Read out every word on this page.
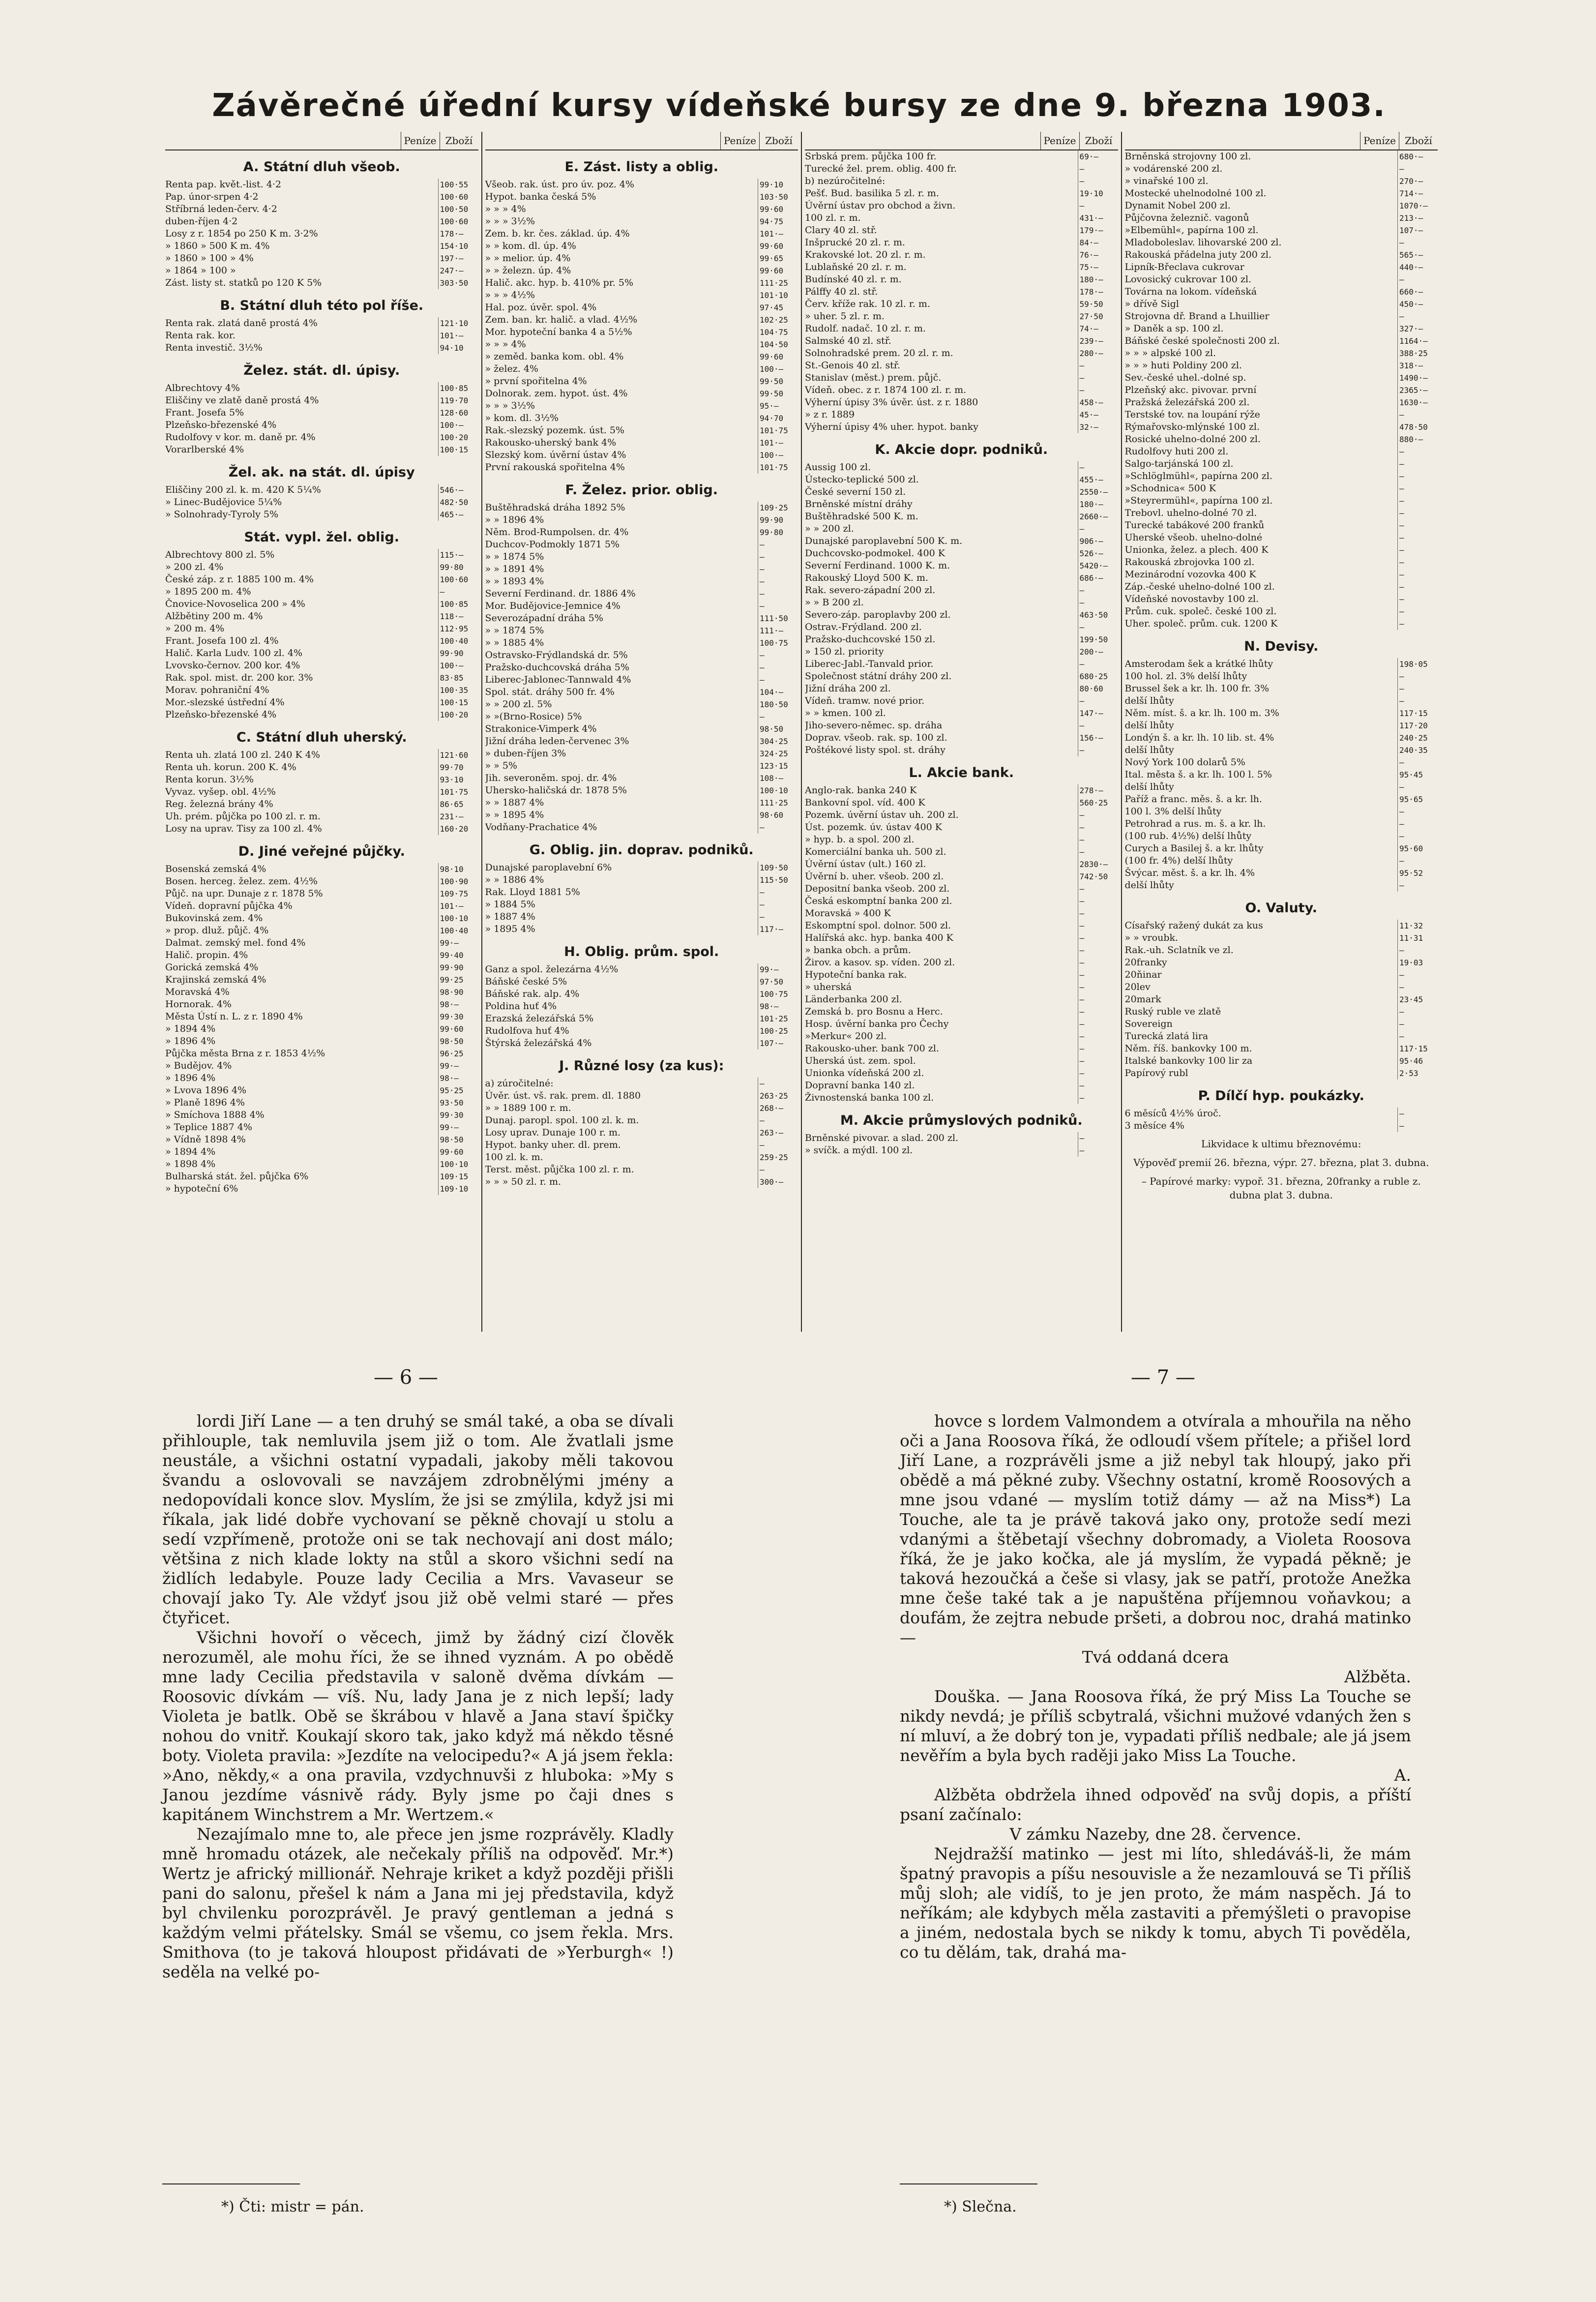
Závěrečné úřední kursy vídeňské bursy ze dne 9. března 1903.
Peníze Zboží
A. Státní dluh všeob.
Renta pap. květ.-list. 4·2	100·55
Pap. únor-srpen 4·2	100·60
Stříbrná leden-červ. 4·2	100·50
duben-říjen 4·2	100·60
Losy z r. 1854 po 250 K m. 3·2%	178·—
» 1860 » 500 K m. 4%	154·10
» 1860 » 100 » 4%	197·—
» 1864 » 100 »	247·—
Zást. listy st. statků po 120 K 5%	303·50
B. Státní dluh této pol říše.
Renta rak. zlatá daně prostá 4%	121·10
Renta rak. kor.	101·—
Renta investič. 3½%	94·10
Želez. stát. dl. úpisy.
Albrechtovy 4%	100·85
Eliščiny ve zlatě daně prostá 4%	119·70
Frant. Josefa 5%	128·60
Plzeňsko-březenské 4%	100·—
Rudolfovy v kor. m. daně pr. 4%	100·20
Vorarlberské 4%	100·15
Žel. ak. na stát. dl. úpisy
Eliščiny 200 zl. k. m. 420 K 5¼%	546·—
» Linec-Budějovice 5¼%	482·50
» Solnohrady-Tyroly 5%	465·—
Stát. vypl. žel. oblig.
Albrechtovy 800 zl. 5%	115·—
» 200 zl. 4%	99·80
České záp. z r. 1885 100 m. 4%	100·60
» 1895 200 m. 4%	—
Čnovice-Novoselica 200 » 4%	100·85
Alžbětiny 200 m. 4%	118·—
» 200 m. 4%	112·95
Frant. Josefa 100 zl. 4%	100·40
Halič. Karla Ludv. 100 zl. 4%	99·90
Lvovsko-černov. 200 kor. 4%	100·—
Rak. spol. mist. dr. 200 kor. 3%	83·85
Morav. pohraniční 4%	100·35
Mor.-slezské ústřední 4%	100·15
Plzeňsko-březenské 4%	100·20
C. Státní dluh uherský.
Renta uh. zlatá 100 zl. 240 K 4%	121·60
Renta uh. korun. 200 K. 4%	99·70
Renta korun. 3½%	93·10
Vyvaz. vyšep. obl. 4½%	101·75
Reg. železná brány 4%	86·65
Uh. prém. půjčka po 100 zl. r. m.	231·—
Losy na uprav. Tisy za 100 zl. 4%	160·20
D. Jiné veřejné půjčky.
Bosenská zemská 4%	98·10
Bosen. herceg. želez. zem. 4½%	100·90
Půjč. na upr. Dunaje z r. 1878 5%	109·75
Vídeň. dopravní půjčka 4%	101·—
Bukovinská zem. 4%	100·10
» prop. dluž. půjč. 4%	100·40
Dalmat. zemský mel. fond 4%	99·—
Halič. propin. 4%	99·40
Gorická zemská 4%	99·90
Krajinská zemská 4%	99·25
Moravská 4%	98·90
Hornorak. 4%	98·—
Města Ústí n. L. z r. 1890 4%	99·30
» 1894 4%	99·60
» 1896 4%	98·50
Půjčka města Brna z r. 1853 4½%	96·25
» Budějov. 4%	99·—
» 1896 4%	98·—
» Lvova 1896 4%	95·25
» Planě 1896 4%	93·50
» Smíchova 1888 4%	99·30
» Teplice 1887 4%	99·—
» Vídně 1898 4%	98·50
» 1894 4%	99·60
» 1898 4%	100·10
Bulharská stát. žel. půjčka 6%	109·15
» hypoteční 6%	109·10
Peníze Zboží
E. Zást. listy a oblig.
Všeob. rak. úst. pro úv. poz. 4%	99·10
Hypot. banka česká 5%	103·50
» » » 4%	99·60
» » » 3½%	94·75
Zem. b. kr. čes. základ. úp. 4%	101·—
» » kom. dl. úp. 4%	99·60
» » melior. úp. 4%	99·65
» » železn. úp. 4%	99·60
Halič. akc. hyp. b. 410% pr. 5%	111·25
» » » 4½%	101·10
Hal. poz. úvěr. spol. 4%	97·45
Zem. ban. kr. halič. a vlad. 4½%	102·25
Mor. hypoteční banka 4 a 5½%	104·75
» » » 4%	104·50
» zeměd. banka kom. obl. 4%	99·60
» želez. 4%	100·—
» první spořitelna 4%	99·50
Dolnorak. zem. hypot. úst. 4%	99·50
» » » 3½%	95·—
» kom. dl. 3½%	94·70
Rak.-slezský pozemk. úst. 5%	101·75
Rakousko-uherský bank 4%	101·—
Slezský kom. úvěrní ústav 4%	100·—
První rakouská spořitelna 4%	101·75
F. Želez. prior. oblig.
Buštěhradská dráha 1892 5%	109·25
» » 1896 4%	99·90
Něm. Brod-Rumpolsen. dr. 4%	99·80
Duchcov-Podmokly 1871 5%	—
» » 1874 5%	—
» » 1891 4%	—
» » 1893 4%	—
Severní Ferdinand. dr. 1886 4%	—
Mor. Budějovice-Jemnice 4%	—
Severozápadní dráha 5%	111·50
» » 1874 5%	111·—
» » 1885 4%	100·75
Ostravsko-Frýdlandská dr. 5%	—
Pražsko-duchcovská dráha 5%	—
Liberec-Jablonec-Tannwald 4%	—
Spol. stát. dráhy 500 fr. 4%	104·—
» » 200 zl. 5%	180·50
» »(Brno-Rosice) 5%	—
Strakonice-Vimperk 4%	98·50
Jižní dráha leden-červenec 3%	304·25
» duben-říjen 3%	324·25
» » 5%	123·15
Jih. severoněm. spoj. dr. 4%	108·—
Uhersko-haličská dr. 1878 5%	100·10
» » 1887 4%	111·25
» » 1895 4%	98·60
Vodňany-Prachatice 4%	—
G. Oblig. jin. doprav. podniků.
Dunajské paroplavební 6%	109·50
» » 1886 4%	115·50
Rak. Lloyd 1881 5%	—
» 1884 5%	—
» 1887 4%	—
» 1895 4%	117·—
H. Oblig. prům. spol.
Ganz a spol. železárna 4½%	99·—
Báňské české 5%	97·50
Báňské rak. alp. 4%	100·75
Poldina huť 4%	98·—
Erazská železářská 5%	101·25
Rudolfova huť 4%	100·25
Štýrská železářská 4%	107·—
J. Různé losy (za kus):
a) zúročitelné:	—
Úvěr. úst. vš. rak. prem. dl. 1880	263·25
» » 1889 100 r. m.	268·—
Dunaj. paropl. spol. 100 zl. k. m.	—
Losy uprav. Dunaje 100 r. m.	263·—
Hypot. banky uher. dl. prem.	—
100 zl. k. m.	259·25
Terst. měst. půjčka 100 zl. r. m.	—
» » » 50 zl. r. m.	300·—
Peníze Zboží
Srbská prem. půjčka 100 fr.	69·—
Turecké žel. prem. oblig. 400 fr.	—
b) nezúročitelné:	—
Pešť. Bud. basilika 5 zl. r. m.	19·10
Úvěrní ústav pro obchod a živn.	—
100 zl. r. m.	431·—
Clary 40 zl. stř.	179·—
Inšprucké 20 zl. r. m.	84·—
Krakovské lot. 20 zl. r. m.	76·—
Lublaňské 20 zl. r. m.	75·—
Budínské 40 zl. r. m.	180·—
Pálffy 40 zl. stř.	178·—
Červ. kříže rak. 10 zl. r. m.	59·50
» uher. 5 zl. r. m.	27·50
Rudolf. nadač. 10 zl. r. m.	74·—
Salmské 40 zl. stř.	239·—
Solnohradské prem. 20 zl. r. m.	280·—
St.-Genois 40 zl. stř.	—
Stanislav (měst.) prem. půjč.	—
Vídeň. obec. z r. 1874 100 zl. r. m.	—
Výherní úpisy 3% úvěr. úst. z r. 1880	458·—
» z r. 1889	45·—
Výherní úpisy 4% uher. hypot. banky	32·—
K. Akcie dopr. podniků.
Aussig 100 zl.	—
Ústecko-teplické 500 zl.	455·—
České severní 150 zl.	2550·—
Brněnské místní dráhy	180·—
Buštěhradské 500 K. m.	2660·—
» » 200 zl.	—
Dunajské paroplavební 500 K. m.	906·—
Duchcovsko-podmokel. 400 K	526·—
Severní Ferdinand. 1000 K. m.	5420·—
Rakouský Lloyd 500 K. m.	686·—
Rak. severo-západní 200 zl.	—
» » B 200 zl.	—
Severo-záp. paroplavby 200 zl.	463·50
Ostrav.-Frýdland. 200 zl.	—
Pražsko-duchcovské 150 zl.	199·50
» 150 zl. priority	200·—
Liberec-Jabl.-Tanvald prior.	—
Společnost státní dráhy 200 zl.	680·25
Jižní dráha 200 zl.	80·60
Vídeň. tramw. nové prior.	—
» » kmen. 100 zl.	147·—
Jiho-severo-němec. sp. dráha	—
Doprav. všeob. rak. sp. 100 zl.	156·—
Poštékové listy spol. st. dráhy	—
L. Akcie bank.
Anglo-rak. banka 240 K	278·—
Bankovní spol. víd. 400 K	560·25
Pozemk. úvěrní ústav uh. 200 zl.	—
Úst. pozemk. úv. ústav 400 K	—
» hyp. b. a spol. 200 zl.	—
Komerciální banka uh. 500 zl.	—
Úvěrní ústav (ult.) 160 zl.	2830·—
Úvěrní b. uher. všeob. 200 zl.	742·50
Depositní banka všeob. 200 zl.	—
Česká eskomptní banka 200 zl.	—
Moravská » 400 K	—
Eskomptní spol. dolnor. 500 zl.	—
Halířská akc. hyp. banka 400 K	—
» banka obch. a prům.	—
Žirov. a kasov. sp. víden. 200 zl.	—
Hypoteční banka rak.	—
» uherská	—
Länderbanka 200 zl.	—
Zemská b. pro Bosnu a Herc.	—
Hosp. úvěrní banka pro Čechy	—
»Merkur« 200 zl.	—
Rakousko-uher. bank 700 zl.	—
Uherská úst. zem. spol.	—
Unionka vídeňská 200 zl.	—
Dopravní banka 140 zl.	—
Živnostenská banka 100 zl.	—
M. Akcie průmyslových podniků.
Brněnské pivovar. a slad. 200 zl.	—
» svíčk. a mýdl. 100 zl.	—
Peníze Zboží
Brněnská strojovny 100 zl.	680·—
» vodárenské 200 zl.	—
» vinařské 100 zl.	270·—
Mostecké uhelnodolné 100 zl.	714·—
Dynamit Nobel 200 zl.	1070·—
Půjčovna železnič. vagonů	213·—
»Elbemühl«, papírna 100 zl.	107·—
Mladoboleslav. lihovarské 200 zl.	—
Rakouská přádelna juty 200 zl.	565·—
Lipník-Břeclava cukrovar	440·—
Lovosický cukrovar 100 zl.	—
Továrna na lokom. vídeňská	660·—
» dřívě Sigl	450·—
Strojovna dř. Brand a Lhuillier	—
» Daněk a sp. 100 zl.	327·—
Báňské české společnosti 200 zl.	1164·—
» » » alpské 100 zl.	388·25
» » » huti Poldiny 200 zl.	318·—
Sev.-české uhel.-dolné sp.	1490·—
Plzeňský akc. pivovar. první	2365·—
Pražská železářská 200 zl.	1630·—
Terstské tov. na loupání rýže	—
Rýmařovsko-mlýnské 100 zl.	478·50
Rosické uhelno-dolné 200 zl.	880·—
Rudolfovy huti 200 zl.	—
Salgo-tarjánská 100 zl.	—
»Schlöglmühl«, papírna 200 zl.	—
»Schodnica« 500 K	—
»Steyrermühl«, papírna 100 zl.	—
Trebovl. uhelno-dolné 70 zl.	—
Turecké tabákové 200 franků	—
Uherské všeob. uhelno-dolné	—
Unionka, želez. a plech. 400 K	—
Rakouská zbrojovka 100 zl.	—
Mezinárodní vozovka 400 K	—
Záp.-české uhelno-dolné 100 zl.	—
Vídeňské novostavby 100 zl.	—
Prům. cuk. společ. české 100 zl.	—
Uher. společ. prům. cuk. 1200 K	—
N. Devisy.
Amsterodam šek a krátké lhůty	198·05
100 hol. zl. 3% delší lhůty	—
Brussel šek a kr. lh. 100 fr. 3%	—
delší lhůty	—
Něm. míst. š. a kr. lh. 100 m. 3%	117·15
delší lhůty	117·20
Londýn š. a kr. lh. 10 lib. st. 4%	240·25
delší lhůty	240·35
Nový York 100 dolarů 5%	—
Ital. města š. a kr. lh. 100 l. 5%	95·45
delší lhůty	—
Paříž a franc. měs. š. a kr. lh.	95·65
100 l. 3% delší lhůty	—
Petrohrad a rus. m. š. a kr. lh.	—
(100 rub. 4½%) delší lhůty	—
Curych a Basilej š. a kr. lhůty	95·60
(100 fr. 4%) delší lhůty	—
Švýcar. měst. š. a kr. lh. 4%	95·52
delší lhůty	—
O. Valuty.
Císařský ražený dukát za kus	11·32
» » vroubk.	11·31
Rak.-uh. Sclatník ve zl.	—
20franky	19·03
20ňinar	—
20lev	—
20mark	23·45
Ruský ruble ve zlatě	—
Sovereign	—
Turecká zlatá lira	—
Něm. říš. bankovky 100 m.	117·15
Italské bankovky 100 lir za	95·46
Papírový rubl	2·53
P. Dílčí hyp. poukázky.
6 měsíců 4½% úroč.	—
3 měsíce 4%	—
Likvidace k ultimu březnovému:
Výpověď premií 26. března, výpr. 27. března, plat 3. dubna.
– Papírové marky: vypoř. 31. března, 20franky a ruble z. dubna plat 3. dubna.
— 6 —	— 7 —

lordi Jiří Lane — a ten druhý se smál také, a oba se dívali přihlouple, tak nemluvila jsem již o tom. Ale žvatlali jsme neustále, a všichni ostatní vypadali, jakoby měli takovou švandu a oslovovali se navzájem zdrobnělými jmény a nedopovídali konce slov. Myslím, že jsi se zmýlila, když jsi mi říkala, jak lidé dobře vychovaní se pěkně chovají u stolu a sedí vzpřímeně, protože oni se tak nechovají ani dost málo; většina z nich klade lokty na stůl a skoro všichni sedí na židlích ledabyle. Pouze lady Cecilia a Mrs. Vavaseur se chovají jako Ty. Ale vždyť jsou již obě velmi staré — přes čtyřicet.

Všichni hovoří o věcech, jimž by žádný cizí člověk nerozuměl, ale mohu říci, že se ihned vyznám. A po obědě mne lady Cecilia představila v saloně dvěma dívkám — Roosovic dívkám — víš. Nu, lady Jana je z nich lepší; lady Violeta je batlk. Obě se škrábou v hlavě a Jana staví špičky nohou do vnitř. Koukají skoro tak, jako když má někdo těsné boty. Violeta pravila: »Jezdíte na velocipedu?« A já jsem řekla: »Ano, někdy,« a ona pravila, vzdychnuvši z hluboka: »My s Janou jezdíme vásnivě rády. Byly jsme po čaji dnes s kapitánem Winchstrem a Mr. Wertzem.«

Nezajímalo mne to, ale přece jen jsme rozprávěly. Kladly mně hromadu otázek, ale nečekaly příliš na odpověď. Mr.*) Wertz je africký millionář. Nehraje kriket a když později přišli pani do salonu, přešel k nám a Jana mi jej představila, když byl chvilenku porozprávěl. Je pravý gentleman a jedná s každým velmi přátelsky. Smál se všemu, co jsem řekla. Mrs. Smithova (to je taková hloupost přidávati de »Yerburgh« !) seděla na velké po-

hovce s lordem Valmondem a otvírala a mhouřila na něho oči a Jana Roosova říká, že odloudí všem přítele; a přišel lord Jiří Lane, a rozprávěli jsme a již nebyl tak hloupý, jako při obědě a má pěkné zuby. Všechny ostatní, kromě Roosových a mne jsou vdané — myslím totiž dámy — až na Miss*) La Touche, ale ta je právě taková jako ony, protože sedí mezi vdanými a štěbetají všechny dobromady, a Violeta Roosova říká, že je jako kočka, ale já myslím, že vypadá pěkně; je taková hezoučká a češe si vlasy, jak se patří, protože Anežka mne češe také tak a je napuštěna příjemnou voňavkou; a doufám, že zejtra nebude pršeti, a dobrou noc, drahá matinko —

Tvá oddaná dcera

Alžběta.

Douška. — Jana Roosova říká, že prý Miss La Touche se nikdy nevdá; je příliš scbytralá, všichni mužové vdaných žen s ní mluví, a že dobrý ton je, vypadati příliš nedbale; ale já jsem nevěřím a byla bych raději jako Miss La Touche.

A.

Alžběta obdržela ihned odpověď na svůj dopis, a příští psaní začínalo:

V zámku Nazeby, dne 28. července.

Nejdražší matinko — jest mi líto, shledáváš-li, že mám špatný pravopis a píšu nesouvisle a že nezamlouvá se Ti příliš můj sloh; ale vidíš, to je jen proto, že mám naspěch. Já to neříkám; ale kdybych měla zastaviti a přemýšleti o pravopise a jiném, nedostala bych se nikdy k tomu, abych Ti pověděla, co tu dělám, tak, drahá ma-

*) Čti: mistr = pán.	*) Slečna.
